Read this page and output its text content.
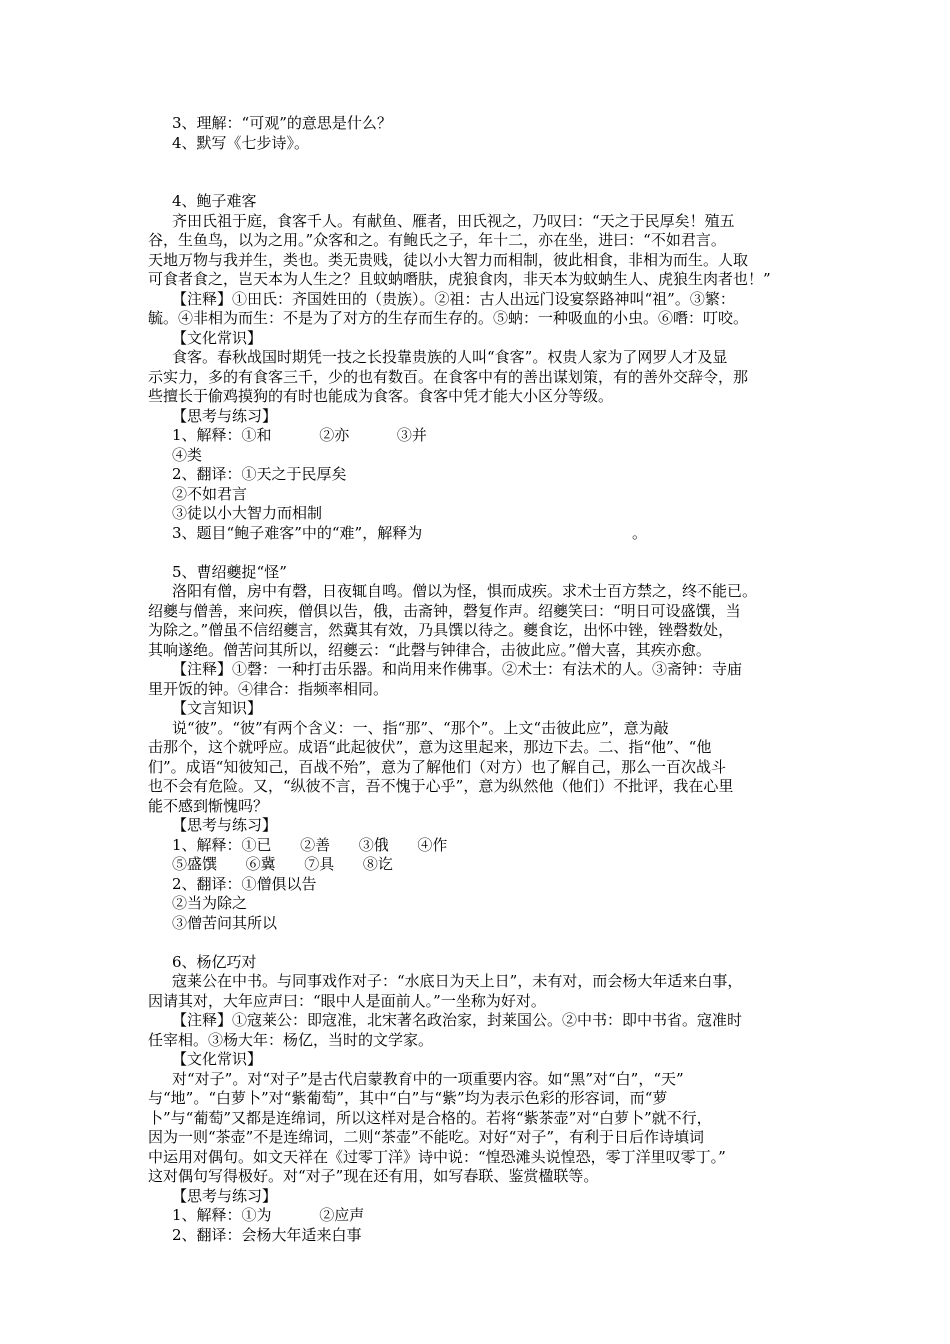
3、理解：“可观”的意思是什么？
4、默写《七步诗》。
4、鲍子难客
齐田氏祖于庭，食客千人。有献鱼、雁者，田氏视之，乃叹曰：“天之于民厚矣！殖五
谷，生鱼鸟，以为之用。”众客和之。有鲍氏之子，年十二，亦在坐，进曰：“不如君言。
天地万物与我并生，类也。类无贵贱，徒以小大智力而相制，彼此相食，非相为而生。人取
可食者食之，岂天本为人生之？且蚊蚋噆肤，虎狼食肉，非天本为蚊蚋生人、虎狼生肉者也！”
【注释】①田氏：齐国姓田的（贵族）。②祖：古人出远门设宴祭路神叫“祖”。③繁：
毓。④非相为而生：不是为了对方的生存而生存的。⑤蚋：一种吸血的小虫。⑥噆：叮咬。
【文化常识】
食客。春秋战国时期凭一技之长投靠贵族的人叫“食客”。权贵人家为了网罗人才及显
示实力，多的有食客三千，少的也有数百。在食客中有的善出谋划策，有的善外交辞令，那
些擅长于偷鸡摸狗的有时也能成为食客。食客中凭才能大小区分等级。
【思考与练习】
1、解释：①和          ②亦          ③并
④类
2、翻译：①天之于民厚矣
②不如君言
③徒以小大智力而相制
3、题目“鲍子难客”中的“难”，解释为                                            。
5、曹绍夔捉“怪”
洛阳有僧，房中有磬，日夜辄自鸣。僧以为怪，惧而成疾。求术士百方禁之，终不能已。
绍夔与僧善，来问疾，僧俱以告，俄，击斋钟，磬复作声。绍夔笑曰：“明日可设盛馔，当
为除之。”僧虽不信绍夔言，然冀其有效，乃具馔以待之。夔食讫，出怀中锉，锉磬数处，
其响遂绝。僧苦问其所以，绍夔云：“此磬与钟律合，击彼此应。”僧大喜，其疾亦愈。
【注释】①磬：一种打击乐器。和尚用来作佛事。②术士：有法术的人。③斋钟：寺庙
里开饭的钟。④律合：指频率相同。
【文言知识】
说“彼”。“彼”有两个含义：一、指“那”、“那个”。上文“击彼此应”，意为敲
击那个，这个就呼应。成语“此起彼伏”，意为这里起来，那边下去。二、指“他”、“他
们”。成语“知彼知己，百战不殆”，意为了解他们（对方）也了解自己，那么一百次战斗
也不会有危险。又，“纵彼不言，吾不愧于心乎”，意为纵然他（他们）不批评，我在心里
能不感到惭愧吗？
【思考与练习】
1、解释：①已      ②善      ③俄      ④作
⑤盛馔      ⑥冀      ⑦具      ⑧讫
2、翻译：①僧俱以告
②当为除之
③僧苦问其所以
6、杨亿巧对
寇莱公在中书。与同事戏作对子：“水底日为天上日”，未有对，而会杨大年适来白事，
因请其对，大年应声曰：“眼中人是面前人。”一坐称为好对。
【注释】①寇莱公：即寇准，北宋著名政治家，封莱国公。②中书：即中书省。寇准时
任宰相。③杨大年：杨亿，当时的文学家。
【文化常识】
对“对子”。对“对子”是古代启蒙教育中的一项重要内容。如“黑”对“白”，“天”
与“地”。“白萝卜”对“紫葡萄”，其中“白”与“紫”均为表示色彩的形容词，而“萝
卜”与“葡萄”又都是连绵词，所以这样对是合格的。若将“紫茶壶”对“白萝卜”就不行，
因为一则“茶壶”不是连绵词，二则“茶壶”不能吃。对好“对子”，有利于日后作诗填词
中运用对偶句。如文天祥在《过零丁洋》诗中说：“惶恐滩头说惶恐，零丁洋里叹零丁。”
这对偶句写得极好。对“对子”现在还有用，如写春联、鉴赏楹联等。
【思考与练习】
1、解释：①为          ②应声
2、翻译：会杨大年适来白事
